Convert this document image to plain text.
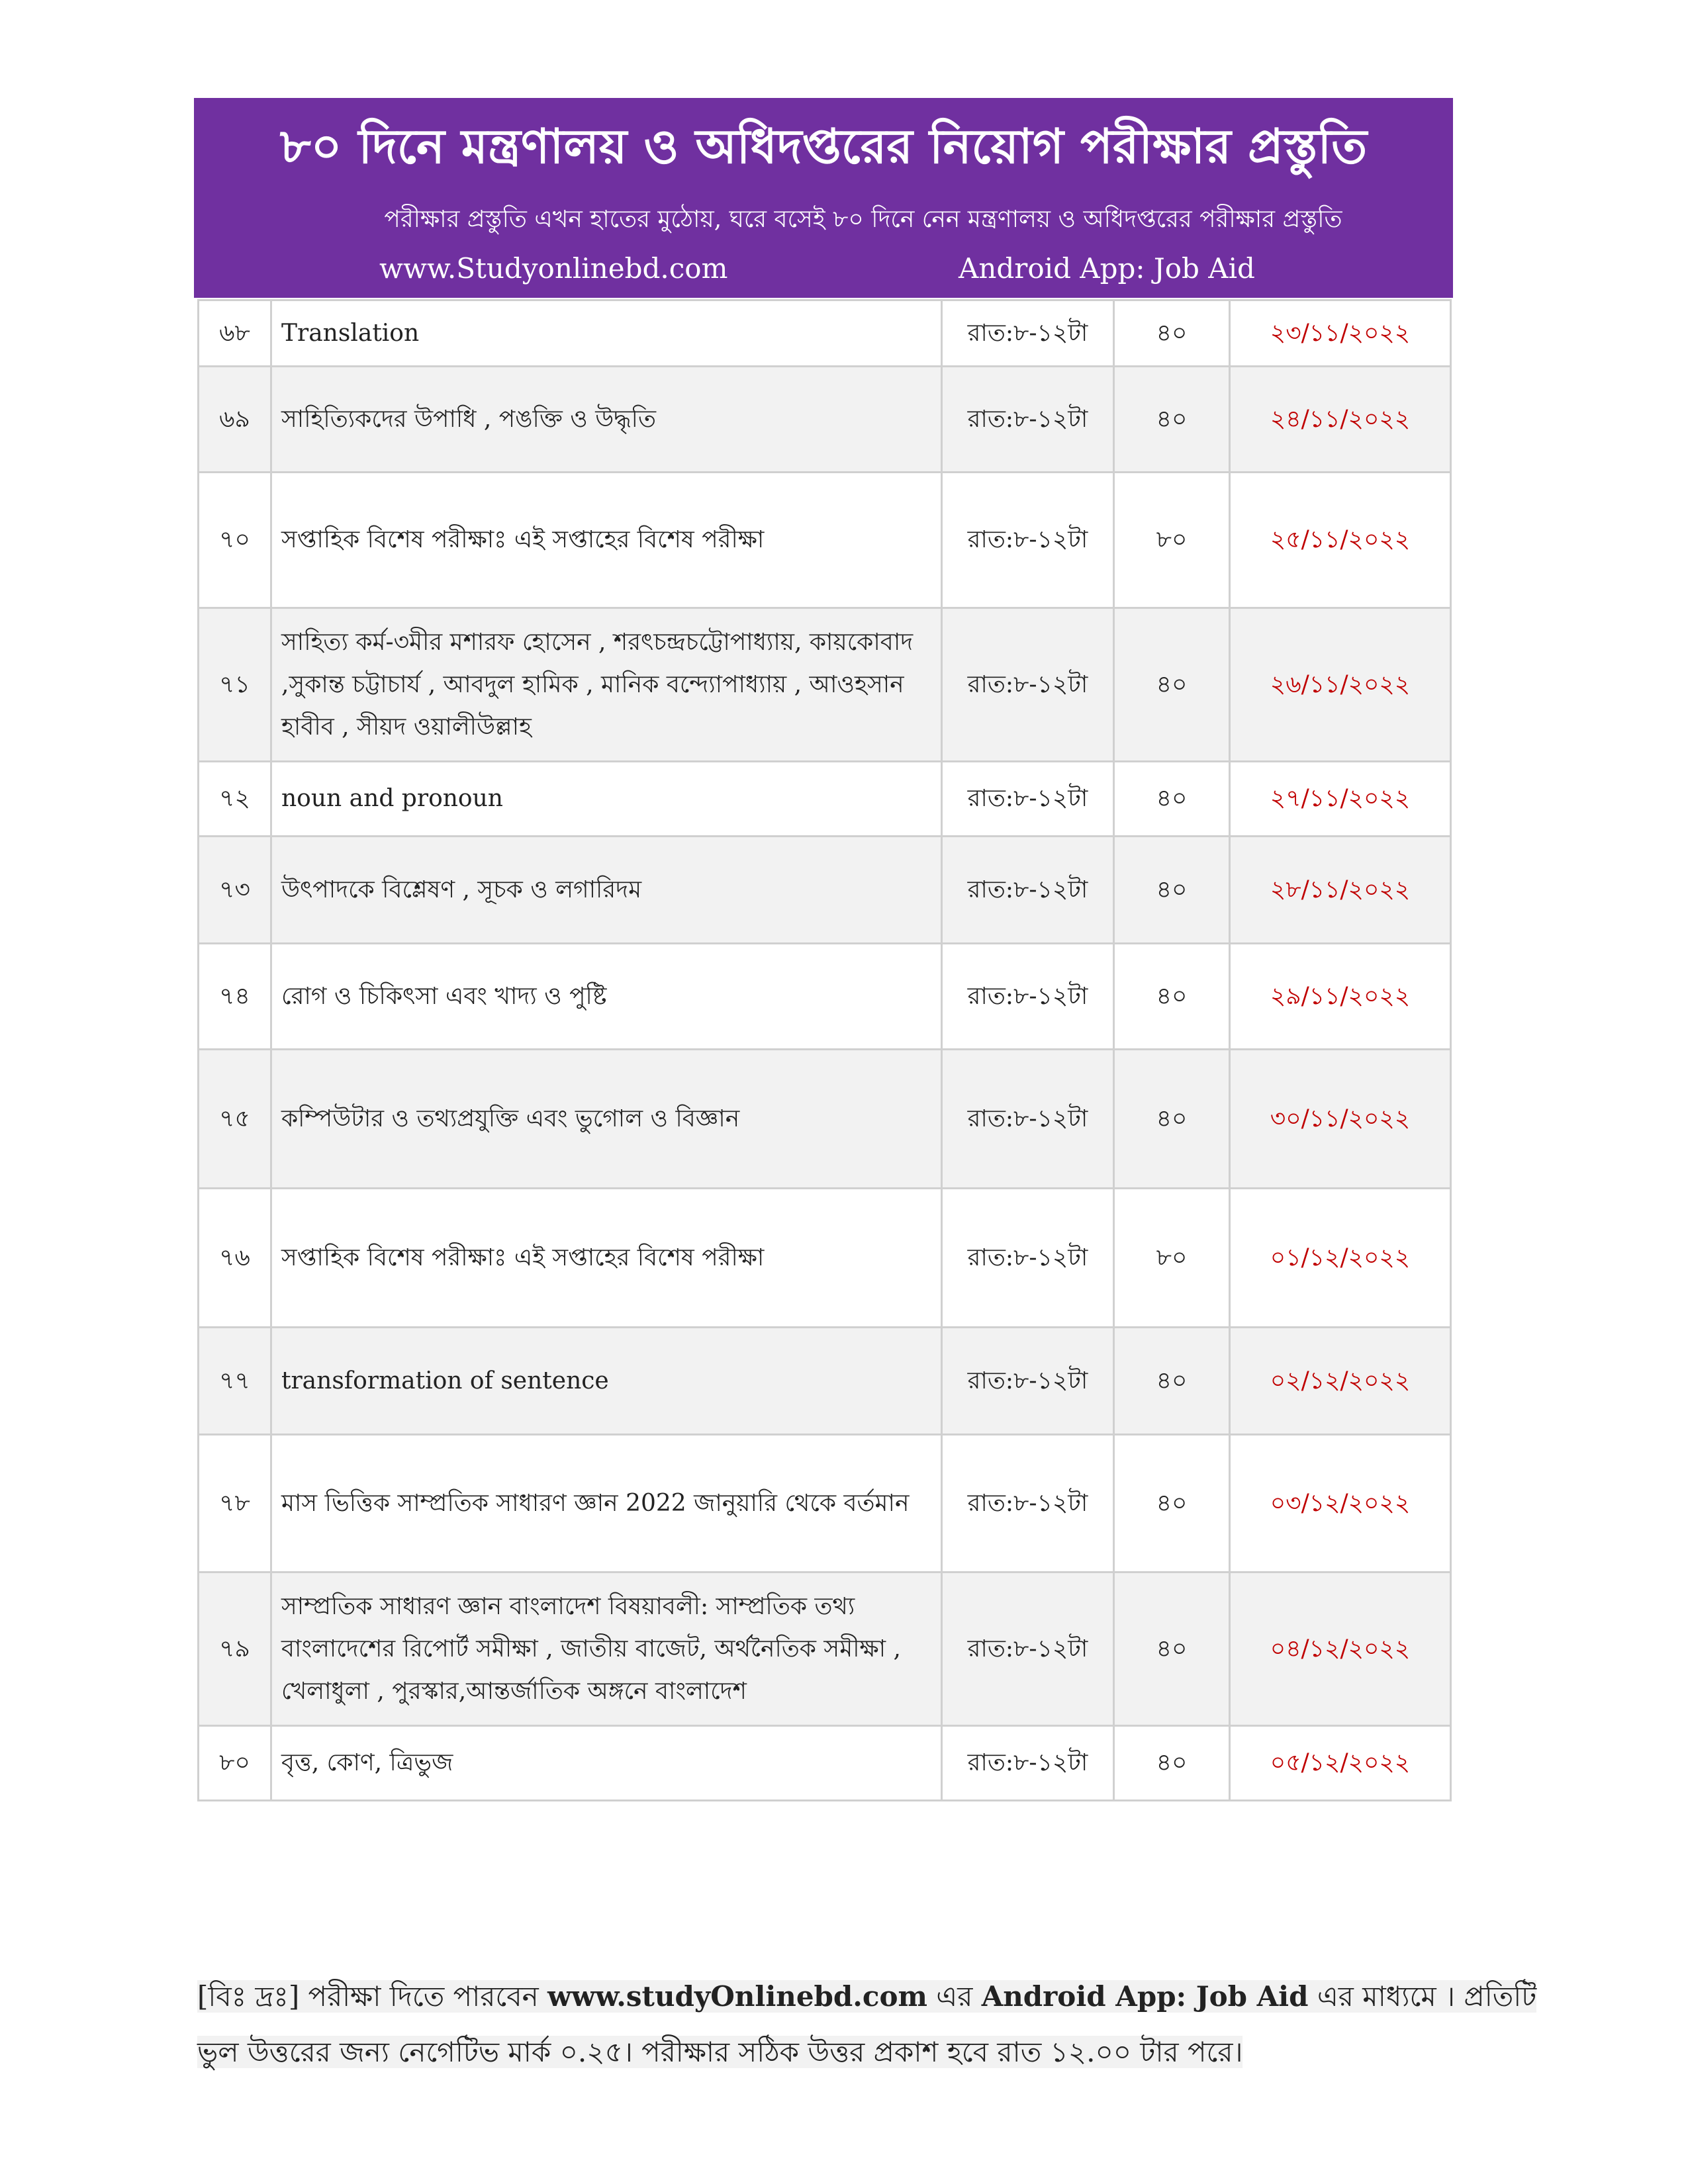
৮০ দিনে মন্ত্রণালয় ও অধিদপ্তরের নিয়োগ পরীক্ষার প্রস্তুতি
পরীক্ষার প্রস্তুতি এখন হাতের মুঠোয়, ঘরে বসেই ৮০ দিনে নেন মন্ত্রণালয় ও অধিদপ্তরের পরীক্ষার প্রস্তুতি
www.Studyonlinebd.com	Android App: Job Aid
৬৮	Translation	রাত:৮-১২টা	৪০	২৩/১১/২০২২
৬৯	সাহিত্যিকদের উপাধি , পঙক্তি ও উদ্ধৃতি	রাত:৮-১২টা	৪০	২৪/১১/২০২২
৭০	সপ্তাহিক বিশেষ পরীক্ষাঃ এই সপ্তাহের বিশেষ পরীক্ষা	রাত:৮-১২টা	৮০	২৫/১১/২০২২
৭১	সাহিত্য কর্ম-৩মীর মশারফ হোসেন , শরৎচন্দ্রচট্টোপাধ্যায়, কায়কোবাদ ,সুকান্ত চট্টাচার্য , আবদুল হামিক , মানিক বন্দ্যোপাধ্যায় , আওহসান হাবীব , সীয়দ ওয়ালীউল্লাহ	রাত:৮-১২টা	৪০	২৬/১১/২০২২
৭২	noun and pronoun	রাত:৮-১২টা	৪০	২৭/১১/২০২২
৭৩	উৎপাদকে বিশ্লেষণ , সূচক ও লগারিদম	রাত:৮-১২টা	৪০	২৮/১১/২০২২
৭৪	রোগ ও চিকিৎসা এবং খাদ্য ও পুষ্টি	রাত:৮-১২টা	৪০	২৯/১১/২০২২
৭৫	কম্পিউটার ও তথ্যপ্রযুক্তি এবং ভুগোল ও বিজ্ঞান	রাত:৮-১২টা	৪০	৩০/১১/২০২২
৭৬	সপ্তাহিক বিশেষ পরীক্ষাঃ এই সপ্তাহের বিশেষ পরীক্ষা	রাত:৮-১২টা	৮০	০১/১২/২০২২
৭৭	transformation of sentence	রাত:৮-১২টা	৪০	০২/১২/২০২২
৭৮	মাস ভিত্তিক সাম্প্রতিক সাধারণ জ্ঞান 2022 জানুয়ারি থেকে বর্তমান	রাত:৮-১২টা	৪০	০৩/১২/২০২২
৭৯	সাম্প্রতিক সাধারণ জ্ঞান বাংলাদেশ বিষয়াবলী: সাম্প্রতিক তথ্য বাংলাদেশের রিপোর্ট সমীক্ষা , জাতীয় বাজেট, অর্থনৈতিক সমীক্ষা , খেলাধুলা , পুরস্কার,আন্তর্জাতিক অঙ্গনে বাংলাদেশ	রাত:৮-১২টা	৪০	০৪/১২/২০২২
৮০	বৃত্ত, কোণ, ত্রিভুজ	রাত:৮-১২টা	৪০	০৫/১২/২০২২
[বিঃ দ্রঃ] পরীক্ষা দিতে পারবেন www.studyOnlinebd.com এর Android App: Job Aid এর মাধ্যমে । প্রতিটি
ভুল উত্তরের জন্য নেগেটিভ মার্ক ০.২৫। পরীক্ষার সঠিক উত্তর প্রকাশ হবে রাত ১২.০০ টার পরে।
